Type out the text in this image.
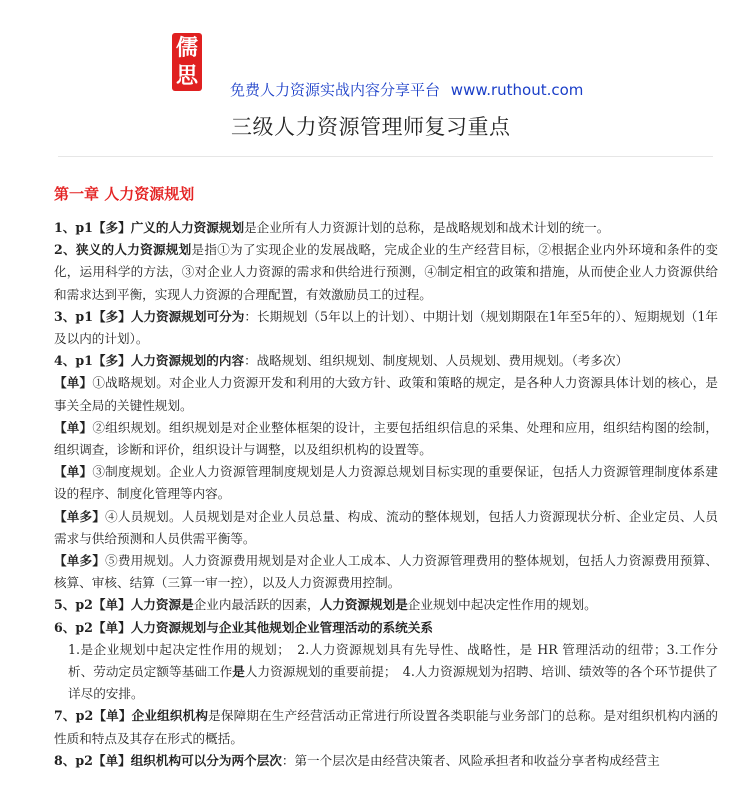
儒
思
免费人力资源实战内容分享平台 www.ruthout.com
三级人力资源管理师复习重点
第一章 人力资源规划

1、p1【多】广义的人力资源规划是企业所有人力资源计划的总称，是战略规划和战术计划的统一。

2、狭义的人力资源规划是指①为了实现企业的发展战略，完成企业的生产经营目标，②根据企业内外环境和条件的变化，运用科学的方法，③对企业人力资源的需求和供给进行预测，④制定相宜的政策和措施，从而使企业人力资源供给和需求达到平衡，实现人力资源的合理配置，有效激励员工的过程。

3、p1【多】人力资源规划可分为：长期规划（5年以上的计划）、中期计划（规划期限在1年至5年的）、短期规划（1年及以内的计划）。

4、p1【多】人力资源规划的内容：战略规划、组织规划、制度规划、人员规划、费用规划。（考多次）

【单】①战略规划。对企业人力资源开发和利用的大致方针、政策和策略的规定，是各种人力资源具体计划的核心，是事关全局的关键性规划。

【单】②组织规划。组织规划是对企业整体框架的设计，主要包括组织信息的采集、处理和应用，组织结构图的绘制，组织调查，诊断和评价，组织设计与调整，以及组织机构的设置等。

【单】③制度规划。企业人力资源管理制度规划是人力资源总规划目标实现的重要保证，包括人力资源管理制度体系建设的程序、制度化管理等内容。

【单多】④人员规划。人员规划是对企业人员总量、构成、流动的整体规划，包括人力资源现状分析、企业定员、人员需求与供给预测和人员供需平衡等。

【单多】⑤费用规划。人力资源费用规划是对企业人工成本、人力资源管理费用的整体规划，包括人力资源费用预算、核算、审核、结算（三算一审一控），以及人力资源费用控制。

5、p2【单】人力资源是企业内最活跃的因素，人力资源规划是企业规划中起决定性作用的规划。

6、p2【单】人力资源规划与企业其他规划企业管理活动的系统关系

1.是企业规划中起决定性作用的规划；　2.人力资源规划具有先导性、战略性，是 HR 管理活动的纽带；3.工作分析、劳动定员定额等基础工作是人力资源规划的重要前提；　4.人力资源规划为招聘、培训、绩效等的各个环节提供了详尽的安排。

7、p2【单】企业组织机构是保障期在生产经营活动正常进行所设置各类职能与业务部门的总称。是对组织机构内涵的性质和特点及其存在形式的概括。

8、p2【单】组织机构可以分为两个层次：第一个层次是由经营决策者、风险承担者和收益分享者构成经营主
